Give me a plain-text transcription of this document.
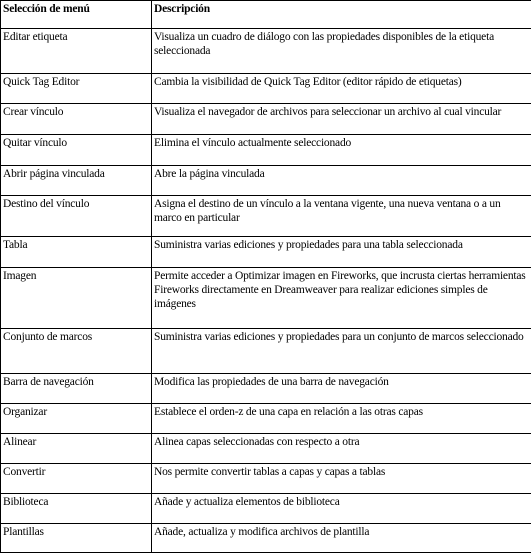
Selección de menú	Descripción
Editar etiqueta	Visualiza un cuadro de diálogo con las propiedades disponibles de la etiqueta seleccionada
Quick Tag Editor	Cambia la visibilidad de Quick Tag Editor (editor rápido de etiquetas)
Crear vínculo	Visualiza el navegador de archivos para seleccionar un archivo al cual vincular
Quitar vínculo	Elimina el vínculo actualmente seleccionado
Abrir página vinculada	Abre la página vinculada
Destino del vínculo	Asigna el destino de un vínculo a la ventana vigente, una nueva ventana o a un marco en particular
Tabla	Suministra varias ediciones y propiedades para una tabla seleccionada
Imagen	Permite acceder a Optimizar imagen en Fireworks, que incrusta ciertas herramientas Fireworks directamente en Dreamweaver para realizar ediciones simples de imágenes
Conjunto de marcos	Suministra varias ediciones y propiedades para un conjunto de marcos seleccionado
Barra de navegación	Modifica las propiedades de una barra de navegación
Organizar	Establece el orden-z de una capa en relación a las otras capas
Alinear	Alinea capas seleccionadas con respecto a otra
Convertir	Nos permite convertir tablas a capas y capas a tablas
Biblioteca	Añade y actualiza elementos de biblioteca
Plantillas	Añade, actualiza y modifica archivos de plantilla
